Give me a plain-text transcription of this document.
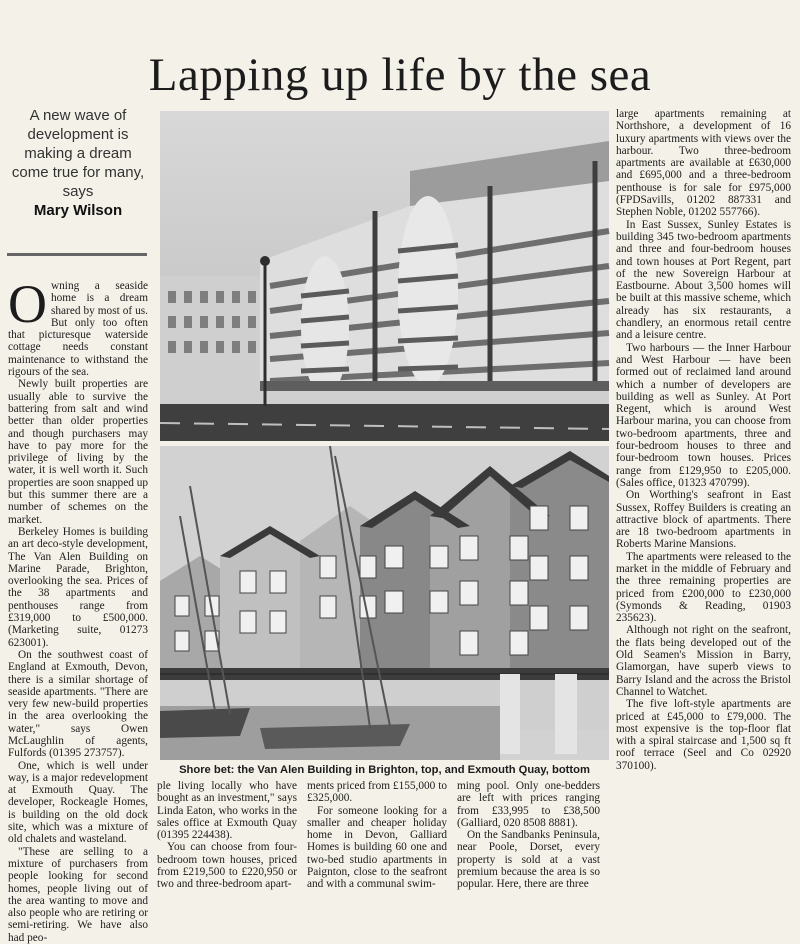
Lapping up life by the sea
A new wave of development is making a dream come true for many, says
Mary Wilson

Owning a seaside home is a dream shared by most of us. But only too often that picturesque waterside cottage needs constant maintenance to withstand the rigours of the sea.

Newly built properties are usually able to survive the battering from salt and wind better than older properties and though purchasers may have to pay more for the privilege of living by the water, it is well worth it. Such properties are soon snapped up but this summer there are a number of schemes on the market.

Berkeley Homes is building an art deco-style development, The Van Alen Building on Marine Parade, Brighton, overlooking the sea. Prices of the 38 apartments and penthouses range from £319,000 to £500,000. (Marketing suite, 01273 623001).

On the southwest coast of England at Exmouth, Devon, there is a similar shortage of seaside apartments. "There are very few new-build properties in the area overlooking the water," says Owen McLaughlin of agents, Fulfords (01395 273757).

One, which is well under way, is a major redevelopment at Exmouth Quay. The developer, Rockeagle Homes, is building on the old dock site, which was a mixture of old chalets and wasteland.

"These are selling to a mixture of purchasers from people looking for second homes, people living out of the area wanting to move and also people who are retiring or semi-retiring. We have also had peo-

Shore bet: the Van Alen Building in Brighton, top, and Exmouth Quay, bottom

ple living locally who have bought as an investment," says Linda Eaton, who works in the sales office at Exmouth Quay (01395 224438).

You can choose from four-bedroom town houses, priced from £219,500 to £220,950 or two and three-bedroom apart-

ments priced from £155,000 to £325,000.

For someone looking for a smaller and cheaper holiday home in Devon, Galliard Homes is building 60 one and two-bed studio apartments in Paignton, close to the seafront and with a communal swim-

ming pool. Only one-bedders are left with prices ranging from £33,995 to £38,500 (Galliard, 020 8508 8881).

On the Sandbanks Peninsula, near Poole, Dorset, every property is sold at a vast premium because the area is so popular. Here, there are three

large apartments remaining at Northshore, a development of 16 luxury apartments with views over the harbour. Two three-bedroom apartments are available at £630,000 and £695,000 and a three-bedroom penthouse is for sale for £975,000 (FPDSavills, 01202 887331 and Stephen Noble, 01202 557766).

In East Sussex, Sunley Estates is building 345 two-bedroom apartments and three and four-bedroom houses and town houses at Port Regent, part of the new Sovereign Harbour at Eastbourne. About 3,500 homes will be built at this massive scheme, which already has six restaurants, a chandlery, an enormous retail centre and a leisure centre.

Two harbours — the Inner Harbour and West Harbour — have been formed out of reclaimed land around which a number of developers are building as well as Sunley. At Port Regent, which is around West Harbour marina, you can choose from two-bedroom apartments, three and four-bedroom houses to three and four-bedroom town houses. Prices range from £129,950 to £205,000. (Sales office, 01323 470799).

On Worthing's seafront in East Sussex, Roffey Builders is creating an attractive block of apartments. There are 18 two-bedroom apartments in Roberts Marine Mansions.

The apartments were released to the market in the middle of February and the three remaining properties are priced from £200,000 to £230,000 (Symonds & Reading, 01903 235623).

Although not right on the seafront, the flats being developed out of the Old Seamen's Mission in Barry, Glamorgan, have superb views to Barry Island and the across the Bristol Channel to Watchet.

The five loft-style apartments are priced at £45,000 to £79,000. The most expensive is the top-floor flat with a spiral staircase and 1,500 sq ft roof terrace (Seel and Co 02920 370100).
